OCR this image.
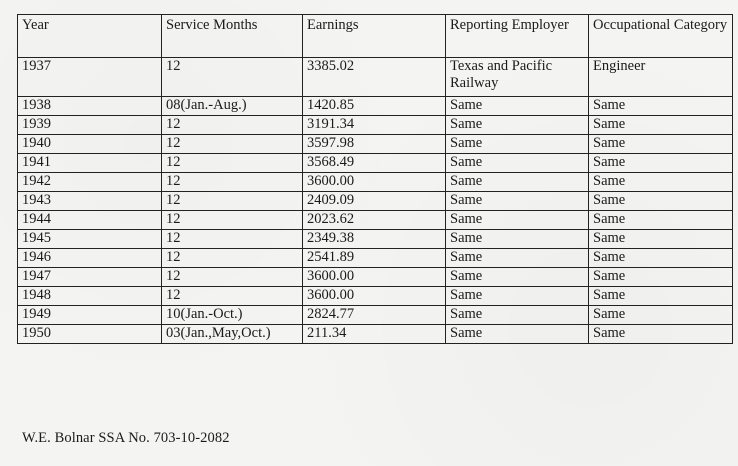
Year	Service Months	Earnings	Reporting Employer	Occupational Category
1937	12	3385.02	Texas and Pacific Railway	Engineer
1938	08(Jan.-Aug.)	1420.85	Same	Same
1939	12	3191.34	Same	Same
1940	12	3597.98	Same	Same
1941	12	3568.49	Same	Same
1942	12	3600.00	Same	Same
1943	12	2409.09	Same	Same
1944	12	2023.62	Same	Same
1945	12	2349.38	Same	Same
1946	12	2541.89	Same	Same
1947	12	3600.00	Same	Same
1948	12	3600.00	Same	Same
1949	10(Jan.-Oct.)	2824.77	Same	Same
1950	03(Jan.,May,Oct.)	211.34	Same	Same
W.E. Bolnar SSA No. 703-10-2082
